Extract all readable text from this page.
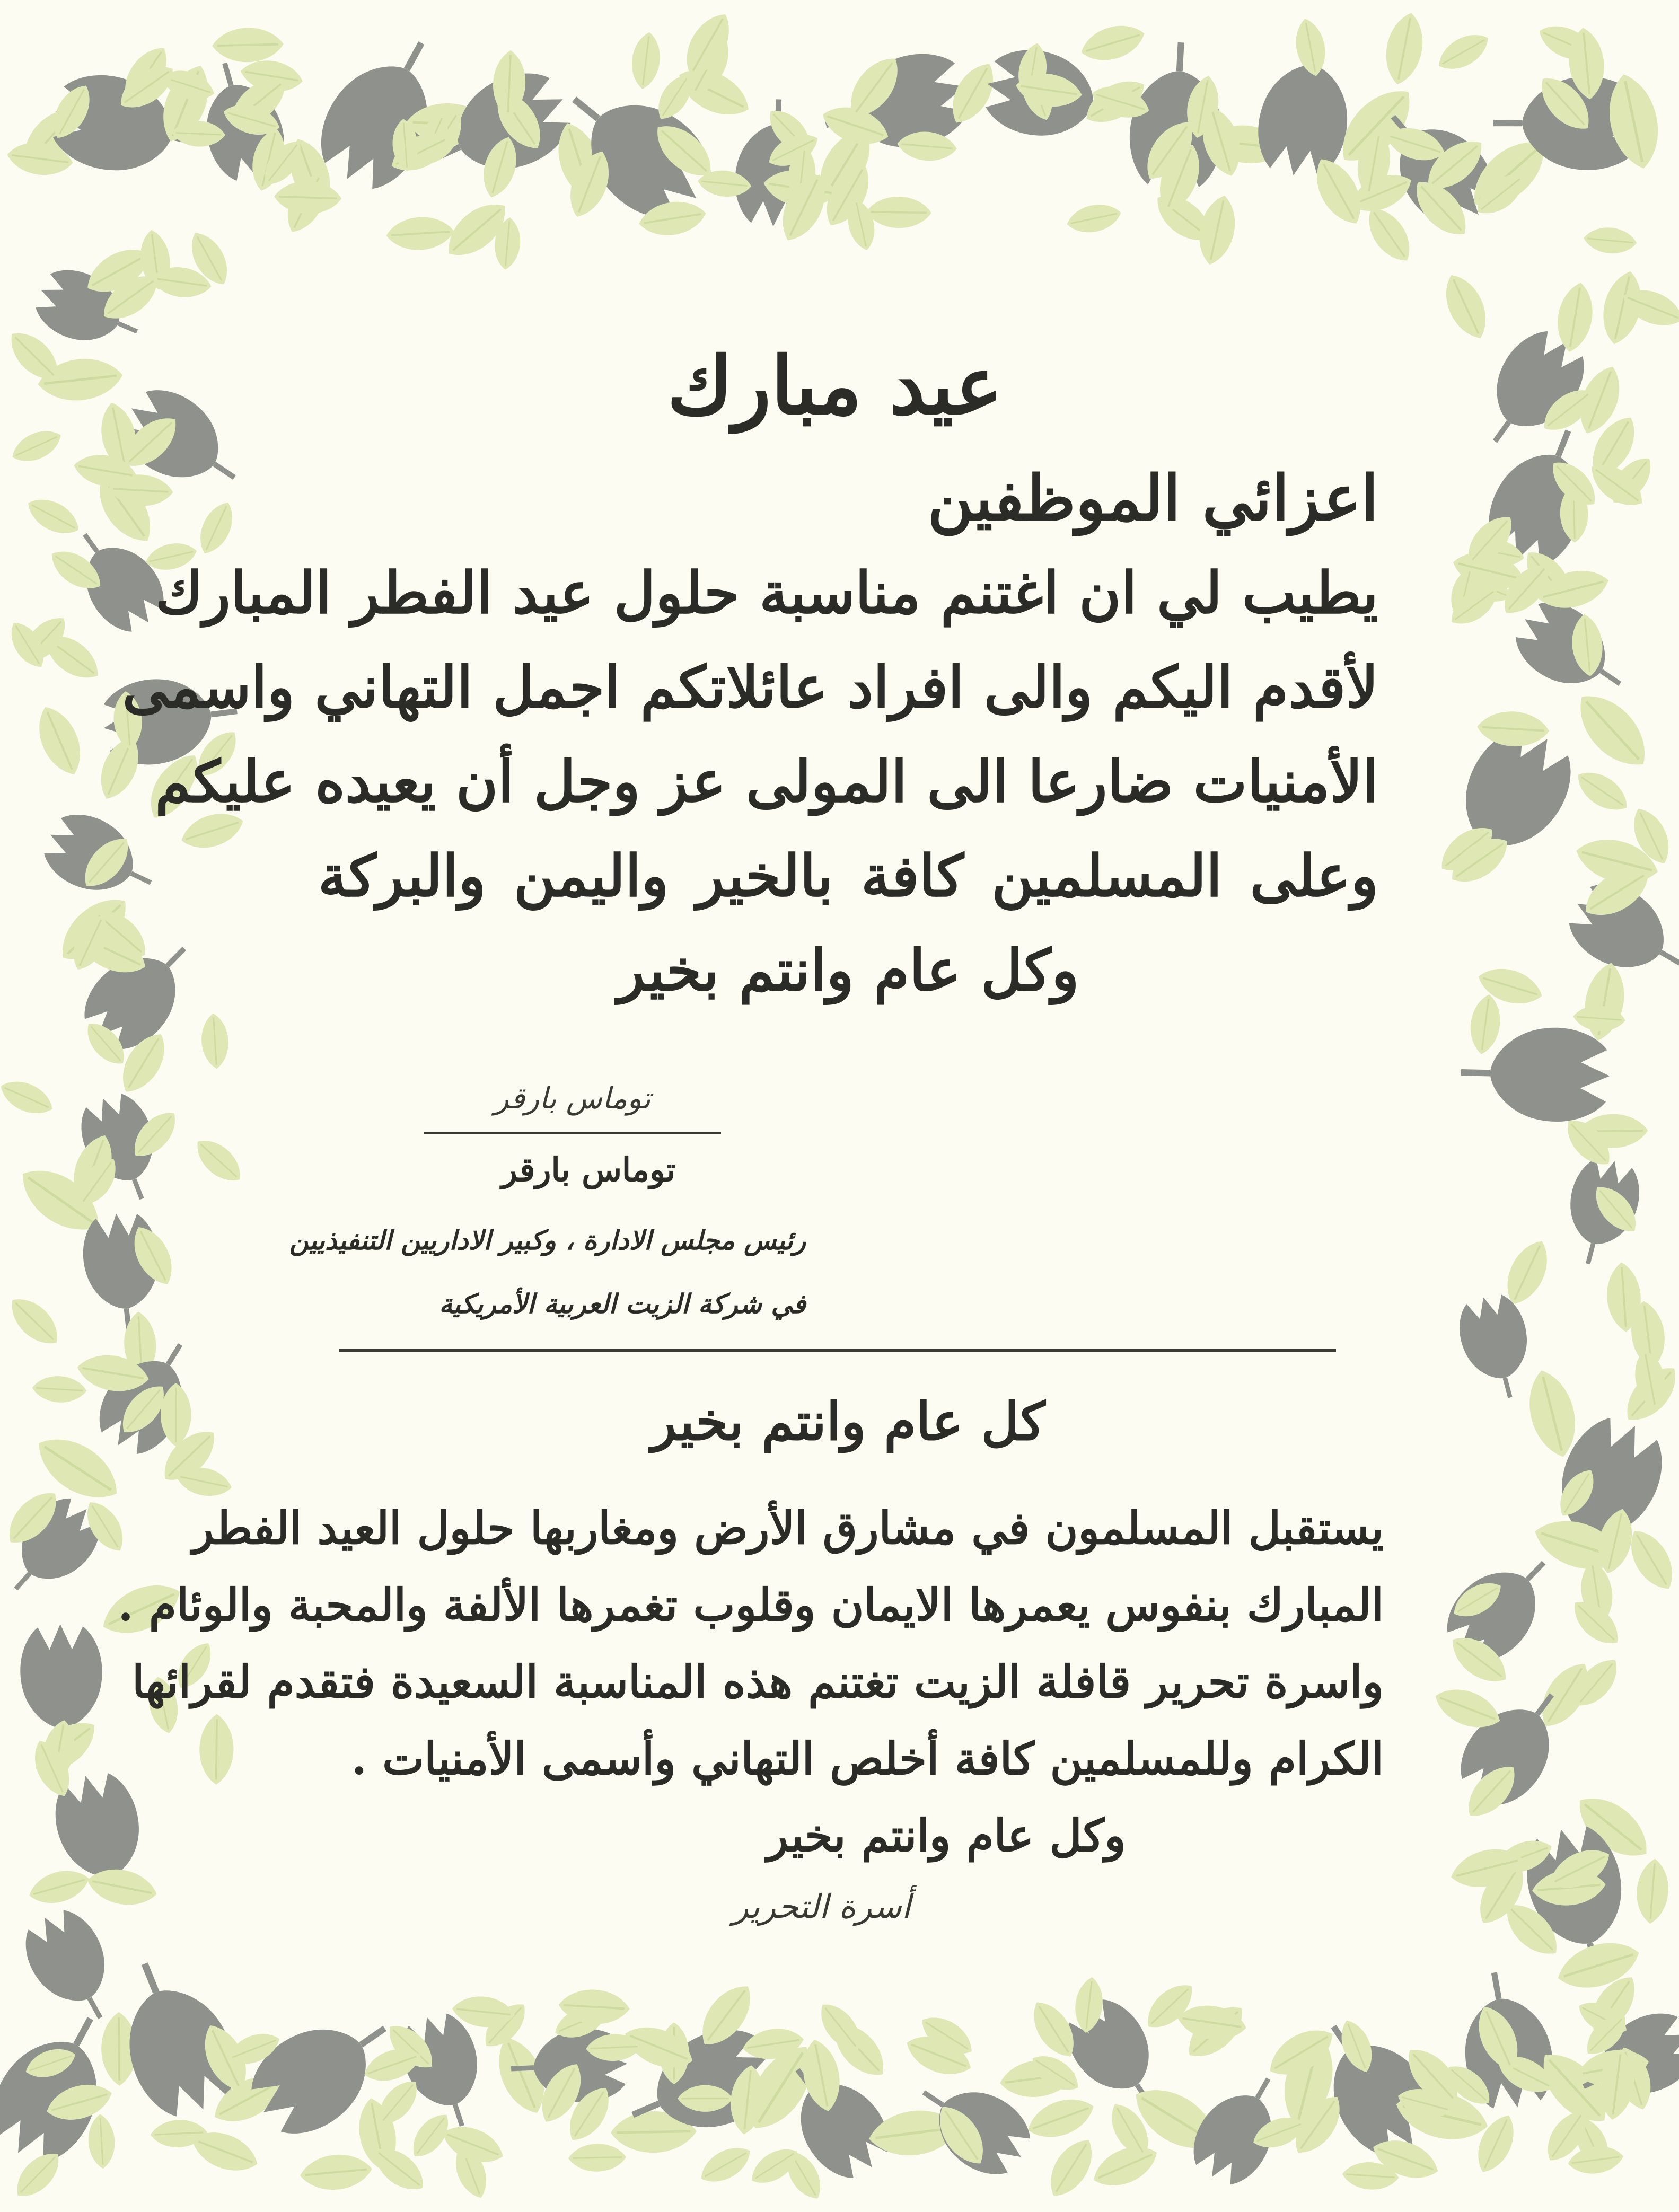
عيد مبارك
اعزائي الموظفين
يطيب لي ان اغتنم مناسبة حلول عيد الفطر المبارك
لأقدم اليكم والى افراد عائلاتكم اجمل التهاني واسمى
الأمنيات ضارعا الى المولى عز وجل أن يعيده عليكم
وعلى المسلمين كافة بالخير واليمن والبركة
وكل عام وانتم بخير
توماس بارقر
توماس بارقر
رئيس مجلس الادارة ، وكبير الاداريين التنفيذيين
في شركة الزيت العربية الأمريكية
كل عام وانتم بخير
يستقبل المسلمون في مشارق الأرض ومغاربها حلول العيد الفطر
المبارك بنفوس يعمرها الايمان وقلوب تغمرها الألفة والمحبة والوئام .
واسرة تحرير قافلة الزيت تغتنم هذه المناسبة السعيدة فتقدم لقرائها
الكرام وللمسلمين كافة أخلص التهاني وأسمى الأمنيات .
وكل عام وانتم بخير
أسرة التحرير
